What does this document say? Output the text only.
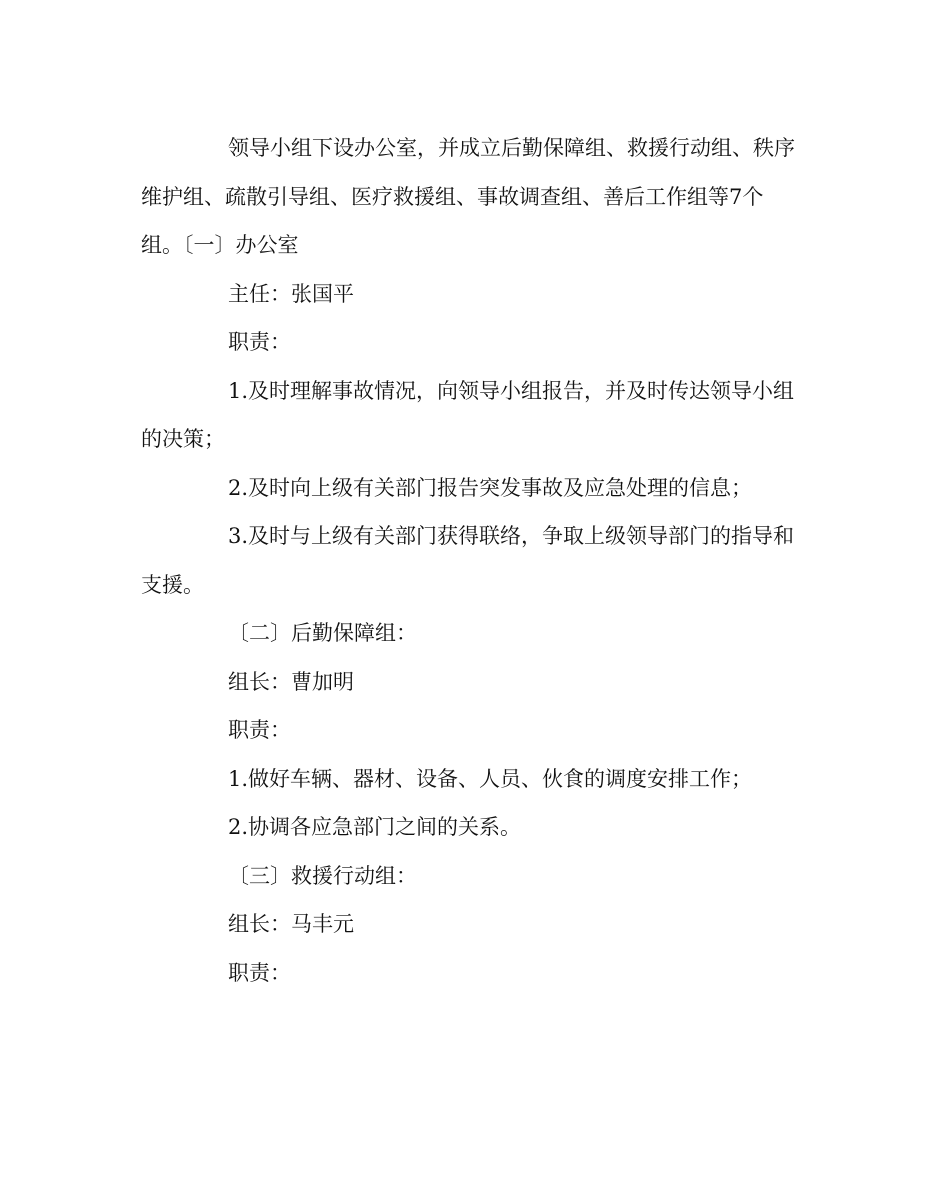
领导小组下设办公室，并成立后勤保障组、救援行动组、秩序维护组、疏散引导组、医疗救援组、事故调查组、善后工作组等7个组。〔一〕办公室

主任：张国平

职责：

1.及时理解事故情况，向领导小组报告，并及时传达领导小组的决策；

2.及时向上级有关部门报告突发事故及应急处理的信息；

3.及时与上级有关部门获得联络，争取上级领导部门的指导和支援。

〔二〕后勤保障组：

组长：曹加明

职责：

1.做好车辆、器材、设备、人员、伙食的调度安排工作；

2.协调各应急部门之间的关系。

〔三〕救援行动组：

组长：马丰元

职责：
